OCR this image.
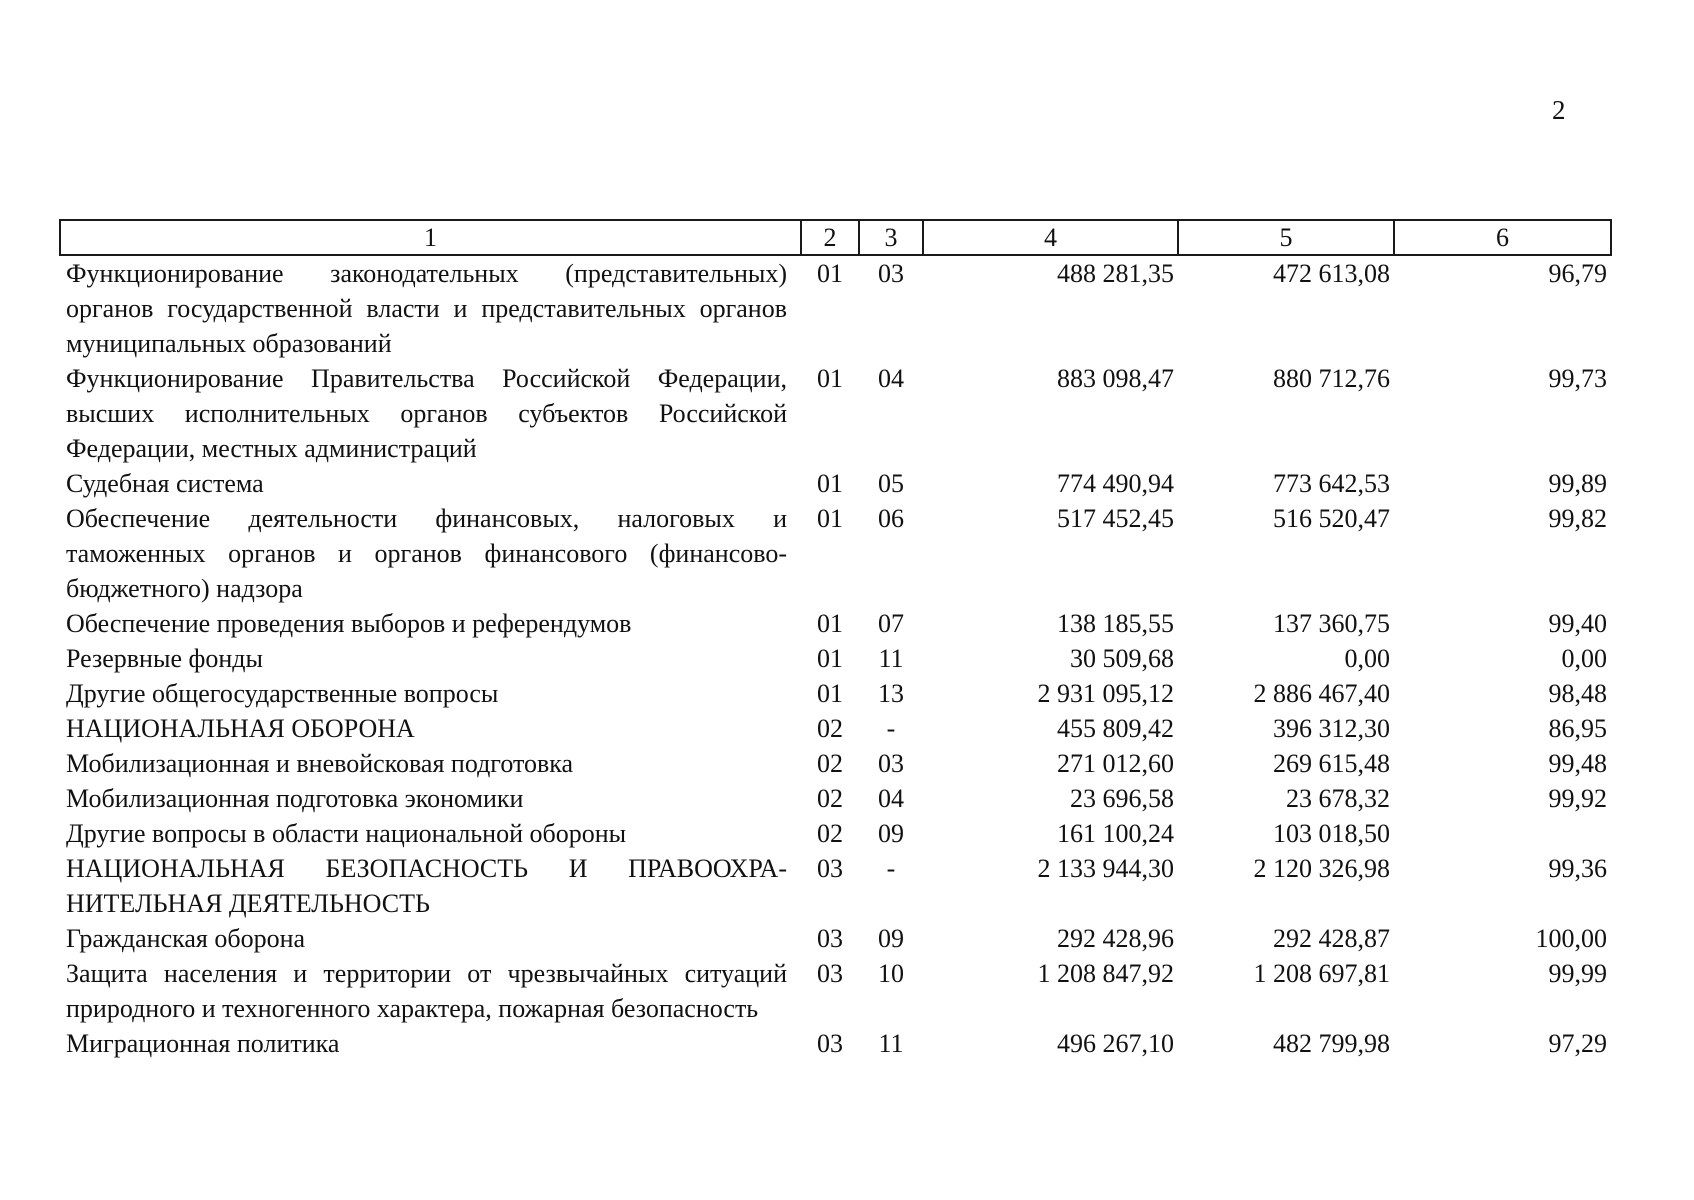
2
1	2	3	4	5	6
Функционирование законодательных (представительных) органов государственной власти и представительных органов муниципальных образований	01	03	488 281,35	472 613,08	96,79
Функционирование Правительства Российской Федерации, высших исполнительных органов субъектов Российской Федерации, местных администраций	01	04	883 098,47	880 712,76	99,73
Судебная система	01	05	774 490,94	773 642,53	99,89
Обеспечение деятельности финансовых, налоговых и таможенных органов и органов финансового (финансово-бюджетного) надзора	01	06	517 452,45	516 520,47	99,82
Обеспечение проведения выборов и референдумов	01	07	138 185,55	137 360,75	99,40
Резервные фонды	01	11	30 509,68	0,00	0,00
Другие общегосударственные вопросы	01	13	2 931 095,12	2 886 467,40	98,48
НАЦИОНАЛЬНАЯ ОБОРОНА	02	-	455 809,42	396 312,30	86,95
Мобилизационная и вневойсковая подготовка	02	03	271 012,60	269 615,48	99,48
Мобилизационная подготовка экономики	02	04	23 696,58	23 678,32	99,92
Другие вопросы в области национальной обороны	02	09	161 100,24	103 018,50	
НАЦИОНАЛЬНАЯ БЕЗОПАСНОСТЬ И ПРАВООХРА-НИТЕЛЬНАЯ ДЕЯТЕЛЬНОСТЬ	03	-	2 133 944,30	2 120 326,98	99,36
Гражданская оборона	03	09	292 428,96	292 428,87	100,00
Защита населения и территории от чрезвычайных ситуаций природного и техногенного характера, пожарная безопасность	03	10	1 208 847,92	1 208 697,81	99,99
Миграционная политика	03	11	496 267,10	482 799,98	97,29
